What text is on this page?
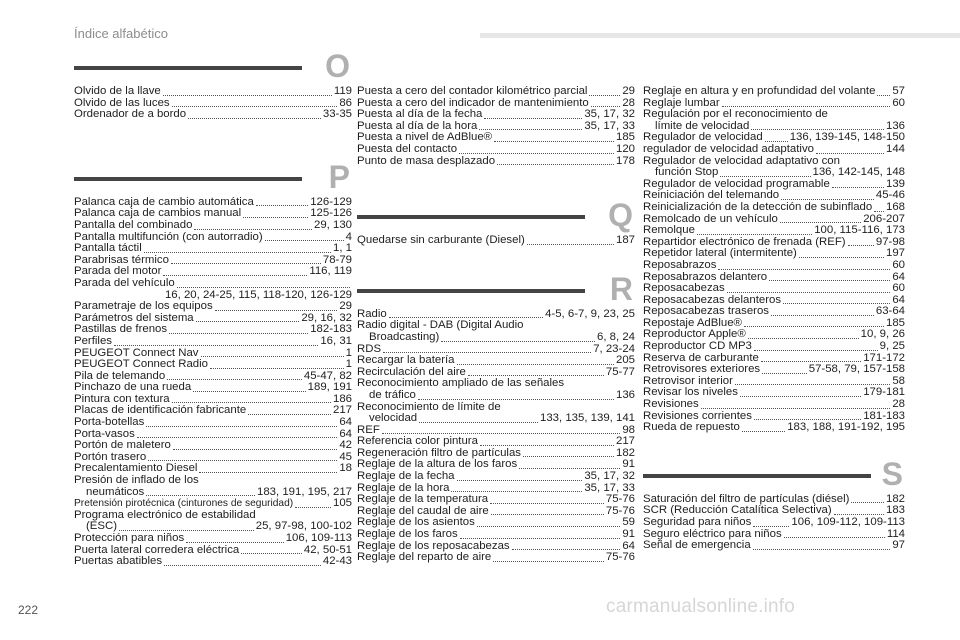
Índice alfabético
O
Olvido de la llave	119
Olvido de las luces	86
Ordenador de a bordo	33-35
P
Palanca caja de cambio automática	126-129
Palanca caja de cambios manual	125-126
Pantalla del combinado	29, 130
Pantalla multifunción (con autorradio)	4
Pantalla táctil	1, 1
Parabrisas térmico	78-79
Parada del motor	116, 119
Parada del vehículo
16, 20, 24-25, 115, 118-120, 126-129
Parametraje de los equipos	29
Parámetros del sistema	29, 16, 32
Pastillas de frenos	182-183
Perfiles	16, 31
PEUGEOT Connect Nav	1
PEUGEOT Connect Radio	1
Pila de telemando	45-47, 82
Pinchazo de una rueda	189, 191
Pintura con textura	186
Placas de identificación fabricante	217
Porta-botellas	64
Porta-vasos	64
Portón de maletero	42
Portón trasero	45
Precalentamiento Diesel	18
Presión de inflado de los
neumáticos	183, 191, 195, 217
Pretensión pirotécnica (cinturones de seguridad)	105
Programa electrónico de estabilidad
(ESC)	25, 97-98, 100-102
Protección para niños	106, 109-113
Puerta lateral corredera eléctrica	42, 50-51
Puertas abatibles	42-43
Puesta a cero del contador kilométrico parcial	29
Puesta a cero del indicador de mantenimiento	28
Puesta al día de la fecha	35, 17, 32
Puesta al día de la hora	35, 17, 33
Puesta a nivel de AdBlue®	185
Puesta del contacto	120
Punto de masa desplazado	178
Q
Quedarse sin carburante (Diesel)	187
R
Radio	4-5, 6-7, 9, 23, 25
Radio digital - DAB (Digital Audio
Broadcasting)	6, 8, 24
RDS	7, 23-24
Recargar la batería	205
Recirculación del aire	75-77
Reconocimiento ampliado de las señales
de tráfico	136
Reconocimiento de límite de
velocidad	133, 135, 139, 141
REF	98
Referencia color pintura	217
Regeneración filtro de partículas	182
Reglaje de la altura de los faros	91
Reglaje de la fecha	35, 17, 32
Reglaje de la hora	35, 17, 33
Reglaje de la temperatura	75-76
Reglaje del caudal de aire	75-76
Reglaje de los asientos	59
Reglaje de los faros	91
Reglaje de los reposacabezas	64
Reglaje del reparto de aire	75-76
Reglaje en altura y en profundidad del volante 57
Reglaje lumbar	60
Regulación por el reconocimiento de
límite de velocidad	136
Regulador de velocidad 136, 139-145, 148-150
regulador de velocidad adaptativo	144
Regulador de velocidad adaptativo con
función Stop	136, 142-145, 148
Regulador de velocidad programable	139
Reiniciación del telemando	45-46
Reinicialización de la detección de subinflado 168
Remolcado de un vehículo	206-207
Remolque	100, 115-116, 173
Repartidor electrónico de frenada (REF)	97-98
Repetidor lateral (intermitente)	197
Reposabrazos	60
Reposabrazos delantero	64
Reposacabezas	60
Reposacabezas delanteros	64
Reposacabezas traseros	63-64
Repostaje AdBlue®	185
Reproductor Apple®	10, 9, 26
Reproductor CD MP3	9, 25
Reserva de carburante	171-172
Retrovisores exteriores	57-58, 79, 157-158
Retrovisor interior	58
Revisar los niveles	179-181
Revisiones	28
Revisiones corrientes	181-183
Rueda de repuesto	183, 188, 191-192, 195
S
Saturación del filtro de partículas (diésel)	182
SCR (Reducción Catalítica Selectiva)	183
Seguridad para niños	106, 109-112, 109-113
Seguro eléctrico para niños	114
Señal de emergencia	97
222	carmanualsonline.info
